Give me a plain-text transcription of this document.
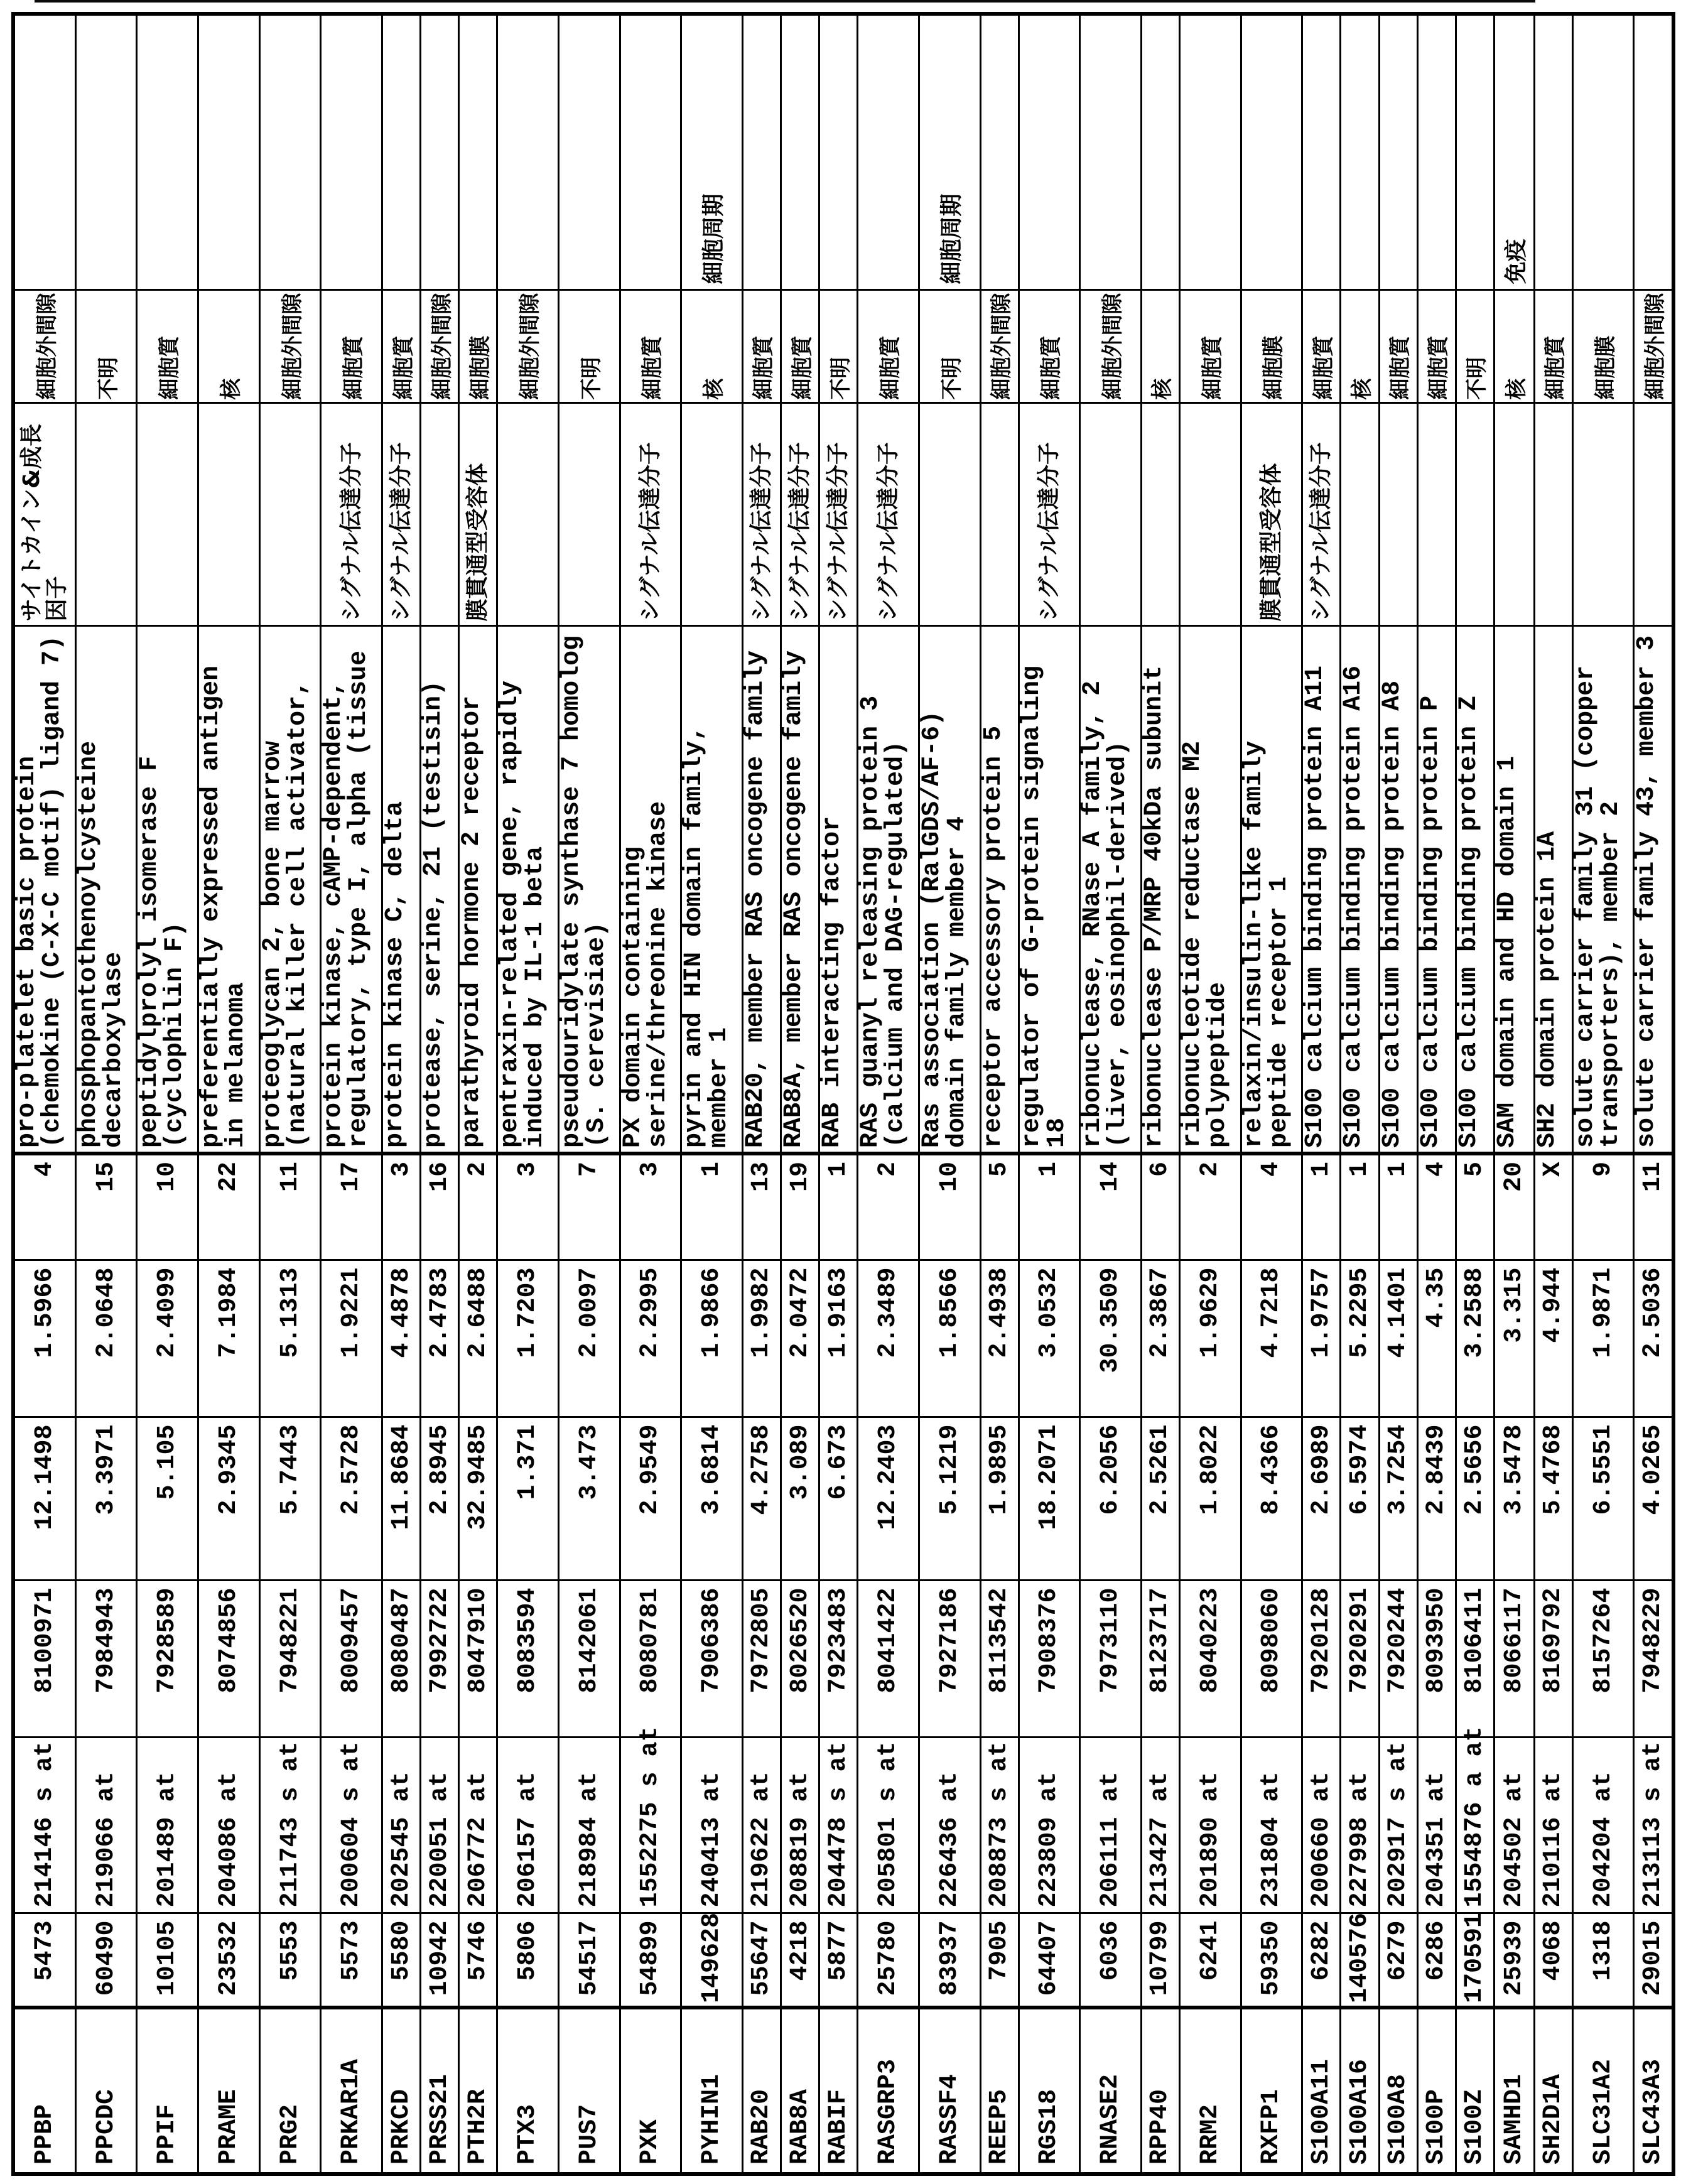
PPBP	5473	214146 s at	8100971	12.1498	1.5966	4	pro-platelet basic protein
(chemokine (C-X-C motif) ligand 7)	サイトカイン&成長因子	細胞外間隙	
PPCDC	60490	219066 at	7984943	3.3971	2.0648	15	phosphopantothenoylcysteine
decarboxylase		不明	
PPIF	10105	201489 at	7928589	5.105	2.4099	10	peptidylprolyl isomerase F
(cyclophilin F)		細胞質	
PRAME	23532	204086 at	8074856	2.9345	7.1984	22	preferentially expressed antigen
in melanoma		核	
PRG2	5553	211743 s at	7948221	5.7443	5.1313	11	proteoglycan 2, bone marrow
(natural killer cell activator,		細胞外間隙	
PRKAR1A	5573	200604 s at	8009457	2.5728	1.9221	17	protein kinase, cAMP-dependent,
regulatory, type I, alpha (tissue	シグナル伝達分子	細胞質	
PRKCD	5580	202545 at	8080487	11.8684	4.4878	3	protein kinase C, delta	シグナル伝達分子	細胞質	
PRSS21	10942	220051 at	7992722	2.8945	2.4783	16	protease, serine, 21 (testisin)		細胞外間隙	
PTH2R	5746	206772 at	8047910	32.9485	2.6488	2	parathyroid hormone 2 receptor	膜貫通型受容体	細胞膜	
PTX3	5806	206157 at	8083594	1.371	1.7203	3	pentraxin-related gene, rapidly
induced by IL-1 beta		細胞外間隙	
PUS7	54517	218984 at	8142061	3.473	2.0097	7	pseudouridylate synthase 7 homolog
(S. cerevisiae)		不明	
PXK	54899	1552275 s at	8080781	2.9549	2.2995	3	PX domain containing
serine/threonine kinase	シグナル伝達分子	細胞質	
PYHIN1	149628	240413 at	7906386	3.6814	1.9866	1	pyrin and HIN domain family,
member 1		核	細胞周期
RAB20	55647	219622 at	7972805	4.2758	1.9982	13	RAB20, member RAS oncogene family	シグナル伝達分子	細胞質	
RAB8A	4218	208819 at	8026520	3.089	2.0472	19	RAB8A, member RAS oncogene family	シグナル伝達分子	細胞質	
RABIF	5877	204478 s at	7923483	6.673	1.9163	1	RAB interacting factor	シグナル伝達分子	不明	
RASGRP3	25780	205801 s at	8041422	12.2403	2.3489	2	RAS guanyl releasing protein 3
(calcium and DAG-regulated)	シグナル伝達分子	細胞質	
RASSF4	83937	226436 at	7927186	5.1219	1.8566	10	Ras association (RalGDS/AF-6)
domain family member 4		不明	細胞周期
REEP5	7905	208873 s at	8113542	1.9895	2.4938	5	receptor accessory protein 5		細胞外間隙	
RGS18	64407	223809 at	7908376	18.2071	3.0532	1	regulator of G-protein signaling
18	シグナル伝達分子	細胞質	
RNASE2	6036	206111 at	7973110	6.2056	30.3509	14	ribonuclease, RNase A family, 2
(liver, eosinophil-derived)		細胞外間隙	
RPP40	10799	213427 at	8123717	2.5261	2.3867	6	ribonuclease P/MRP 40kDa subunit		核	
RRM2	6241	201890 at	8040223	1.8022	1.9629	2	ribonucleotide reductase M2
polypeptide		細胞質	
RXFP1	59350	231804 at	8098060	8.4366	4.7218	4	relaxin/insulin-like family
peptide receptor 1	膜貫通型受容体	細胞膜	
S100A11	6282	200660 at	7920128	2.6989	1.9757	1	S100 calcium binding protein A11	シグナル伝達分子	細胞質	
S100A16	140576	227998 at	7920291	6.5974	5.2295	1	S100 calcium binding protein A16		核	
S100A8	6279	202917 s at	7920244	3.7254	4.1401	1	S100 calcium binding protein A8		細胞質	
S100P	6286	204351 at	8093950	2.8439	4.35	4	S100 calcium binding protein P		細胞質	
S100Z	170591	1554876 a at	8106411	2.5656	3.2588	5	S100 calcium binding protein Z		不明	
SAMHD1	25939	204502 at	8066117	3.5478	3.315	20	SAM domain and HD domain 1		核	免疫
SH2D1A	4068	210116 at	8169792	5.4768	4.944	X	SH2 domain protein 1A		細胞質	
SLC31A2	1318	204204 at	8157264	6.5551	1.9871	9	solute carrier family 31 (copper
transporters), member 2		細胞膜	
SLC43A3	29015	213113 s at	7948229	4.0265	2.5036	11	solute carrier family 43, member 3		細胞外間隙	
